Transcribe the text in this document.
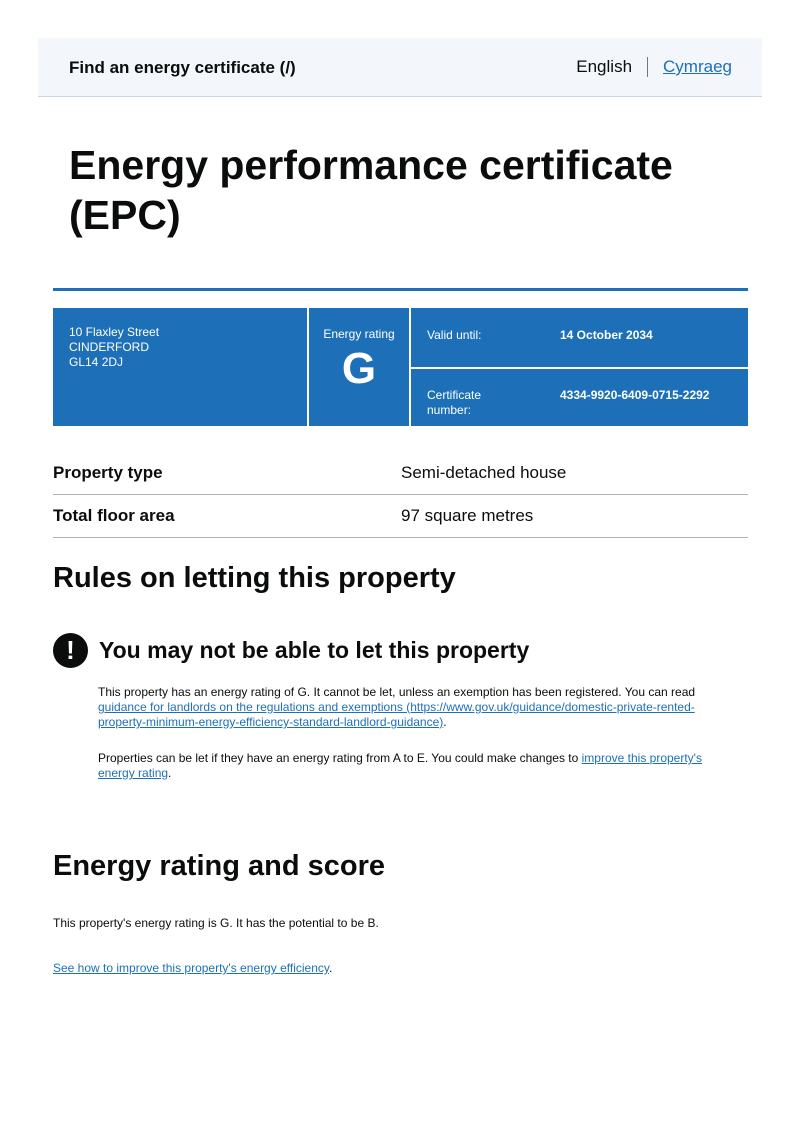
Find an energy certificate (/)	English Cymraeg
Energy performance certificate (EPC)
10 Flaxley Street
CINDERFORD
GL14 2DJ
Energy rating
G
Valid until:	14 October 2034
Certificate number:
4334-9920-6409-0715-2292
Property type	Semi-detached house
Total floor area	97 square metres
Rules on letting this property
!	You may not be able to let this property

This property has an energy rating of G. It cannot be let, unless an exemption has been registered. You can read guidance for landlords on the regulations and exemptions (https://www.gov.uk/guidance/domestic-private-rented-property-minimum-energy-efficiency-standard-landlord-guidance).

Properties can be let if they have an energy rating from A to E. You could make changes to improve this property's energy rating.

Energy rating and score

This property's energy rating is G. It has the potential to be B.

See how to improve this property's energy efficiency.
